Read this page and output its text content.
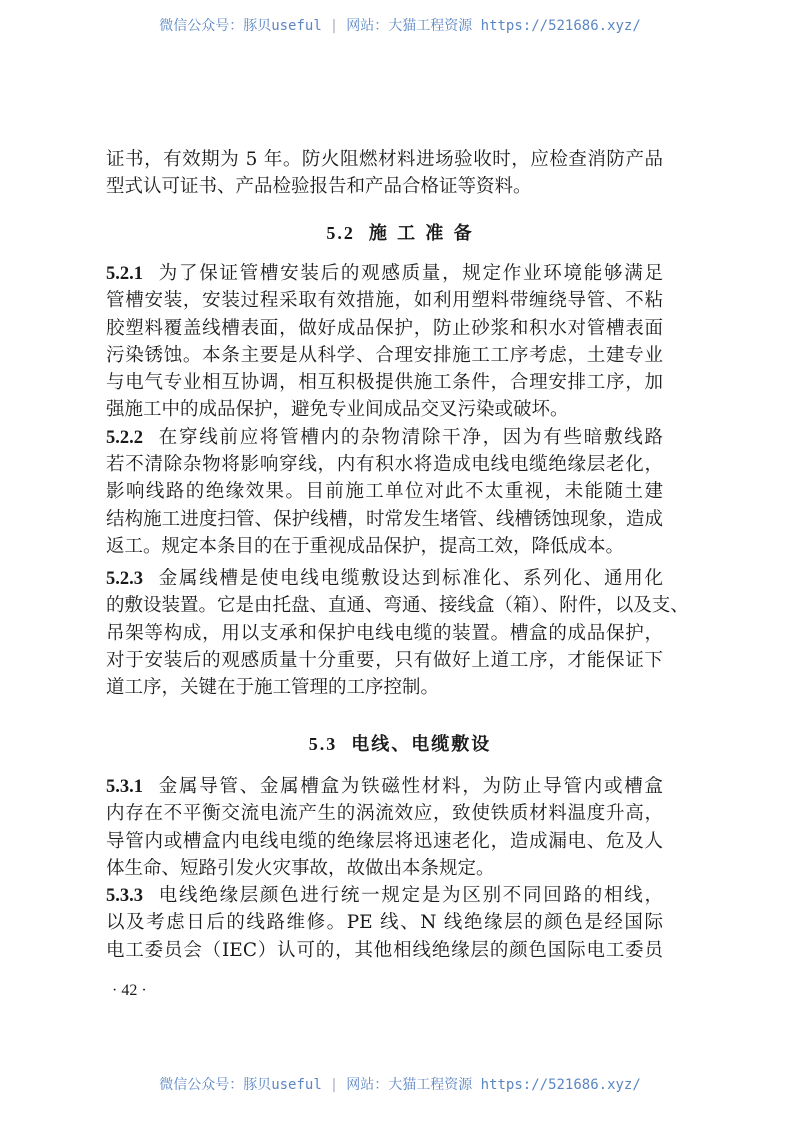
微信公众号：豚贝useful | 网站：大猫工程资源 https://521686.xyz/
证书，有效期为 5 年。防火阻燃材料进场验收时，应检查消防产品
型式认可证书、产品检验报告和产品合格证等资料。
5.2 施 工 准 备
5.2.1 为了保证管槽安装后的观感质量，规定作业环境能够满足
管槽安装，安装过程采取有效措施，如利用塑料带缠绕导管、不粘
胶塑料覆盖线槽表面，做好成品保护，防止砂浆和积水对管槽表面
污染锈蚀。本条主要是从科学、合理安排施工工序考虑，土建专业
与电气专业相互协调，相互积极提供施工条件，合理安排工序，加
强施工中的成品保护，避免专业间成品交叉污染或破坏。
5.2.2 在穿线前应将管槽内的杂物清除干净，因为有些暗敷线路
若不清除杂物将影响穿线，内有积水将造成电线电缆绝缘层老化，
影响线路的绝缘效果。目前施工单位对此不太重视，未能随土建
结构施工进度扫管、保护线槽，时常发生堵管、线槽锈蚀现象，造成
返工。规定本条目的在于重视成品保护，提高工效，降低成本。
5.2.3 金属线槽是使电线电缆敷设达到标准化、系列化、通用化
的敷设装置。它是由托盘、直通、弯通、接线盒（箱）、附件，以及支、
吊架等构成，用以支承和保护电线电缆的装置。槽盒的成品保护，
对于安装后的观感质量十分重要，只有做好上道工序，才能保证下
道工序，关键在于施工管理的工序控制。
5.3 电线、电缆敷设
5.3.1 金属导管、金属槽盒为铁磁性材料，为防止导管内或槽盒
内存在不平衡交流电流产生的涡流效应，致使铁质材料温度升高，
导管内或槽盒内电线电缆的绝缘层将迅速老化，造成漏电、危及人
体生命、短路引发火灾事故，故做出本条规定。
5.3.3 电线绝缘层颜色进行统一规定是为区别不同回路的相线，
以及考虑日后的线路维修。PE 线、N 线绝缘层的颜色是经国际
电工委员会（IEC）认可的，其他相线绝缘层的颜色国际电工委员
· 42 ·
微信公众号：豚贝useful | 网站：大猫工程资源 https://521686.xyz/
